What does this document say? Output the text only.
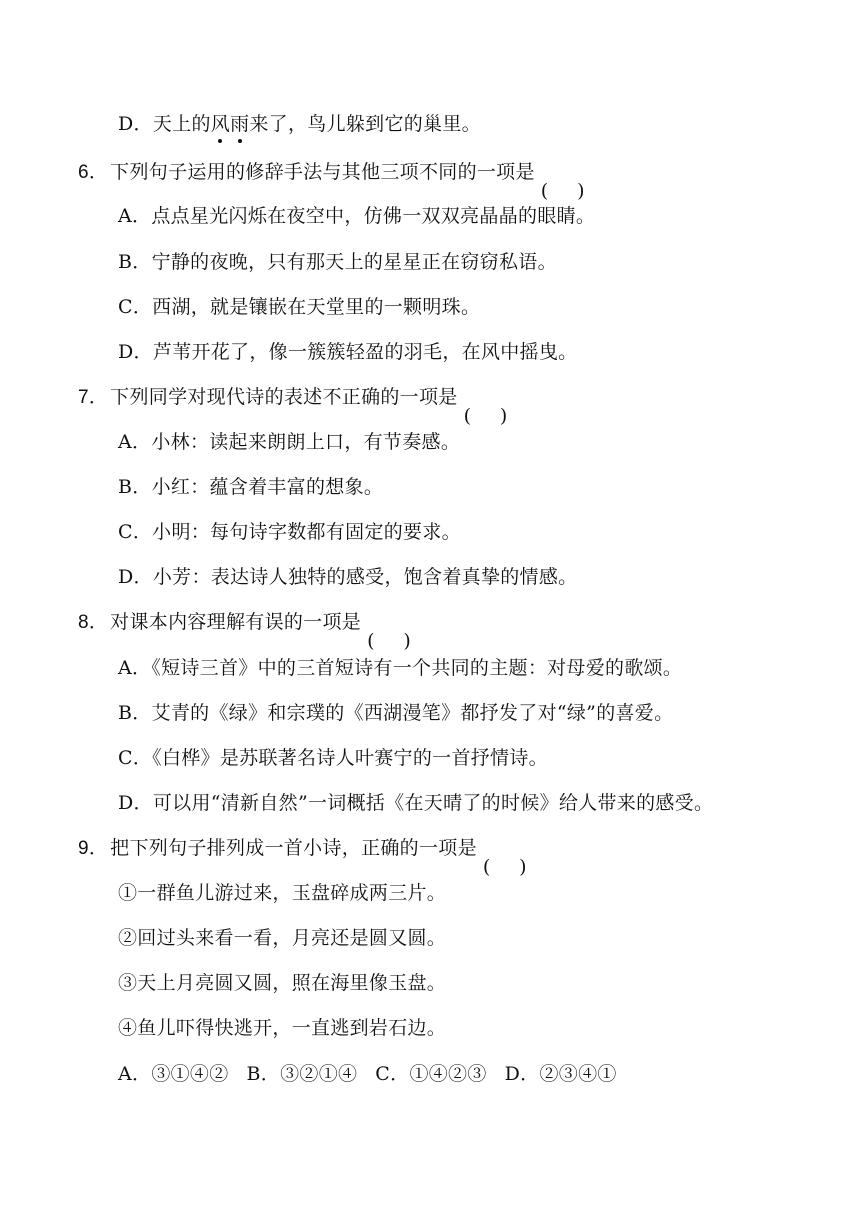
D．天上的风雨来了，鸟儿躲到它的巢里。
6． 下列句子运用的修辞手法与其他三项不同的一项是
( )
A．点点星光闪烁在夜空中，仿佛一双双亮晶晶的眼睛。
B．宁静的夜晚，只有那天上的星星正在窃窃私语。
C．西湖，就是镶嵌在天堂里的一颗明珠。
D．芦苇开花了，像一簇簇轻盈的羽毛，在风中摇曳。
7． 下列同学对现代诗的表述不正确的一项是
( )
A．小林：读起来朗朗上口，有节奏感。
B．小红：蕴含着丰富的想象。
C．小明：每句诗字数都有固定的要求。
D．小芳：表达诗人独特的感受，饱含着真挚的情感。
8． 对课本内容理解有误的一项是
( )
A．《短诗三首》中的三首短诗有一个共同的主题：对母爱的歌颂。
B．艾青的《绿》和宗璞的《西湖漫笔》都抒发了对“绿”的喜爱。
C．《白桦》是苏联著名诗人叶赛宁的一首抒情诗。
D．可以用“清新自然”一词概括《在天晴了的时候》给人带来的感受。
9． 把下列句子排列成一首小诗，正确的一项是
( )
①一群鱼儿游过来，玉盘碎成两三片。
②回过头来看一看，月亮还是圆又圆。
③天上月亮圆又圆，照在海里像玉盘。
④鱼儿吓得快逃开，一直逃到岩石边。
A．③①④② B．③②①④ C．①④②③ D．②③④①
